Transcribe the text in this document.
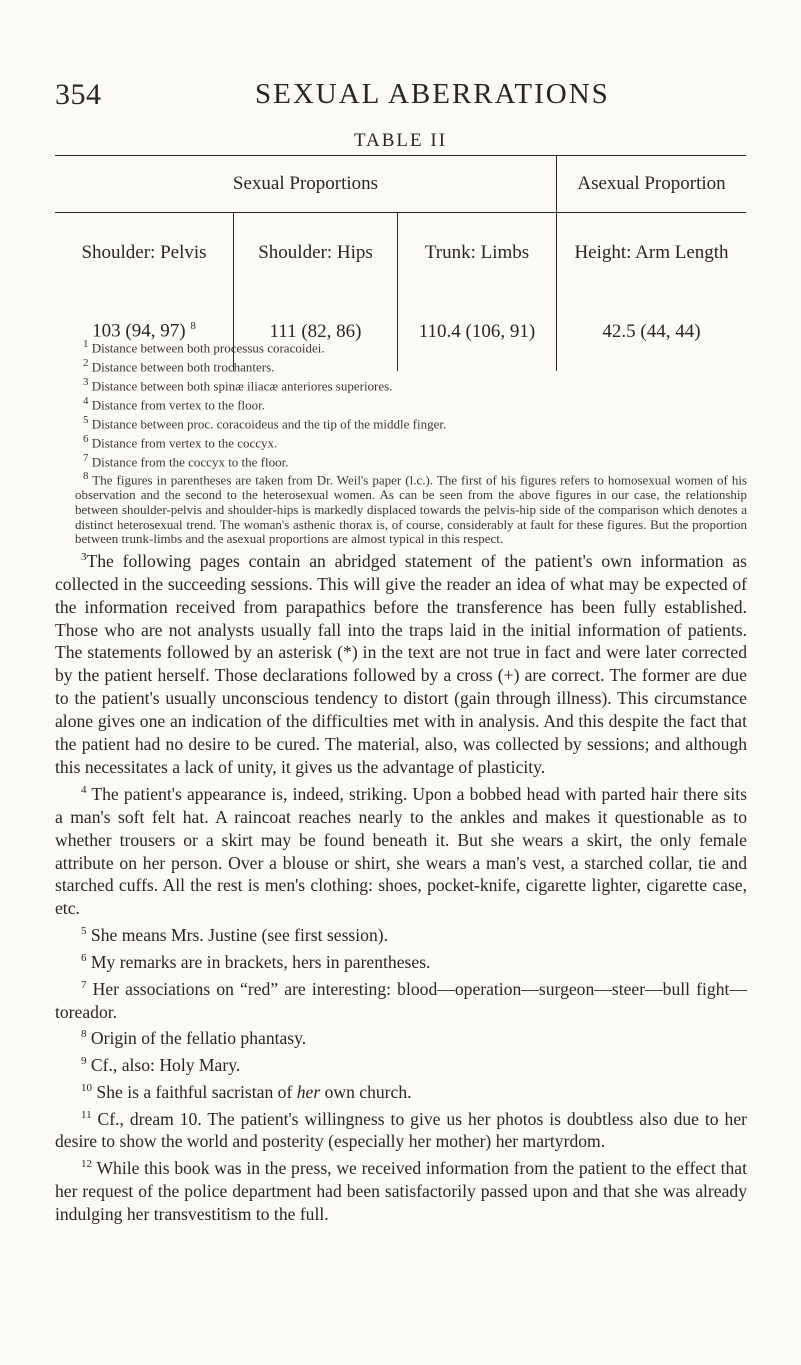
354	SEXUAL ABERRATIONS
TABLE II
Sexual Proportions			Asexual Proportion
Shoulder: Pelvis	Shoulder: Hips	Trunk: Limbs	Height: Arm Length
103 (94, 97) $^8$	111 (82, 86)	110.4 (106, 91)	42.5 (44, 44)

$^1$ Distance between both processus coracoidei.

$^2$ Distance between both trochanters.

$^3$ Distance between both spinæ iliacæ anteriores superiores.

$^4$ Distance from vertex to the floor.

$^5$ Distance between proc. coracoideus and the tip of the middle finger.

$^6$ Distance from vertex to the coccyx.

$^7$ Distance from the coccyx to the floor.

$^8$ The figures in parentheses are taken from Dr. Weil's paper (l.c.). The first of his figures refers to homosexual women of his observation and the second to the heterosexual women. As can be seen from the above figures in our case, the relationship between shoulder-pelvis and shoulder-hips is markedly displaced towards the pelvis-hip side of the comparison which denotes a distinct heterosexual trend. The woman's asthenic thorax is, of course, considerably at fault for these figures. But the proportion between trunk-limbs and the asexual proportions are almost typical in this respect.

$^3$The following pages contain an abridged statement of the patient's own information as collected in the succeeding sessions. This will give the reader an idea of what may be expected of the information received from parapathics before the transference has been fully established. Those who are not analysts usually fall into the traps laid in the initial information of patients. The statements followed by an asterisk (*) in the text are not true in fact and were later corrected by the patient herself. Those declarations followed by a cross (+) are correct. The former are due to the patient's usually unconscious tendency to distort (gain through illness). This circumstance alone gives one an indication of the difficulties met with in analysis. And this despite the fact that the patient had no desire to be cured. The material, also, was collected by sessions; and although this necessitates a lack of unity, it gives us the advantage of plasticity.

$^4$ The patient's appearance is, indeed, striking. Upon a bobbed head with parted hair there sits a man's soft felt hat. A raincoat reaches nearly to the ankles and makes it questionable as to whether trousers or a skirt may be found beneath it. But she wears a skirt, the only female attribute on her person. Over a blouse or shirt, she wears a man's vest, a starched collar, tie and starched cuffs. All the rest is men's clothing: shoes, pocket-knife, cigarette lighter, cigarette case, etc.

$^5$ She means Mrs. Justine (see first session).

$^6$ My remarks are in brackets, hers in parentheses.

$^7$ Her associations on “red” are interesting: blood—operation—surgeon—steer—bull fight—toreador.

$^8$ Origin of the fellatio phantasy.

$^9$ Cf., also: Holy Mary.

$^{10}$ She is a faithful sacristan of her own church.

$^{11}$ Cf., dream 10. The patient's willingness to give us her photos is doubtless also due to her desire to show the world and posterity (especially her mother) her martyrdom.

$^{12}$ While this book was in the press, we received information from the patient to the effect that her request of the police department had been satisfactorily passed upon and that she was already indulging her transvestitism to the full.
